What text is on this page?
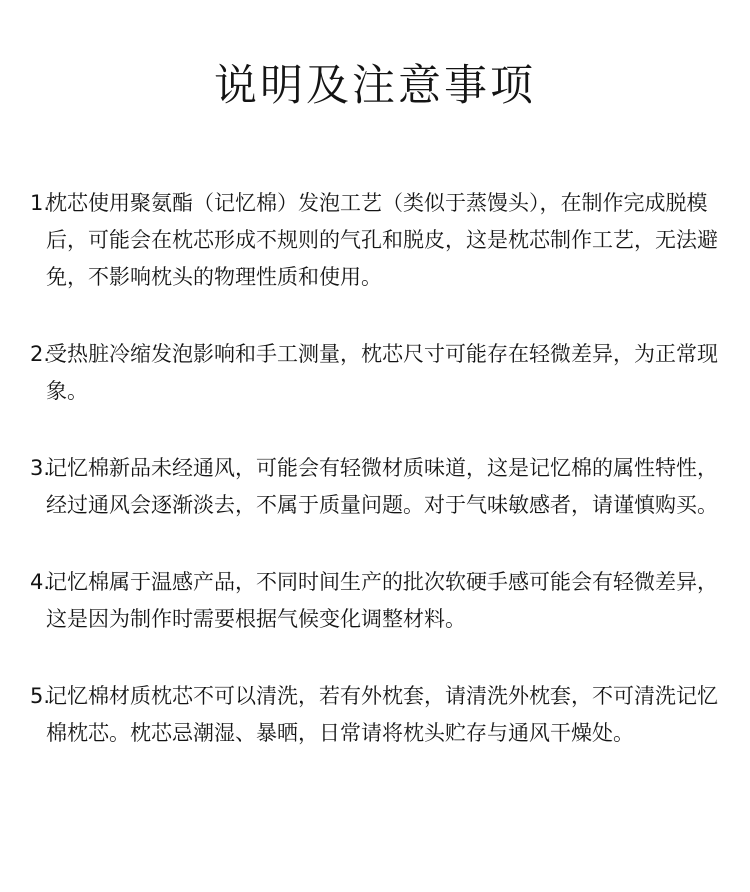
说明及注意事项
1.
枕芯使用聚氨酯（记忆棉）发泡工艺（类似于蒸馒头），在制作完成脱模后，可能会在枕芯形成不规则的气孔和脱皮，这是枕芯制作工艺，无法避免，不影响枕头的物理性质和使用。
2.
受热脏冷缩发泡影响和手工测量，枕芯尺寸可能存在轻微差异，为正常现象。
3.
记忆棉新品未经通风，可能会有轻微材质味道，这是记忆棉的属性特性，经过通风会逐渐淡去，不属于质量问题。对于气味敏感者，请谨慎购买。
4.
记忆棉属于温感产品，不同时间生产的批次软硬手感可能会有轻微差异，这是因为制作时需要根据气候变化调整材料。
5.
记忆棉材质枕芯不可以清洗，若有外枕套，请清洗外枕套，不可清洗记忆棉枕芯。枕芯忌潮湿、暴晒，日常请将枕头贮存与通风干燥处。
